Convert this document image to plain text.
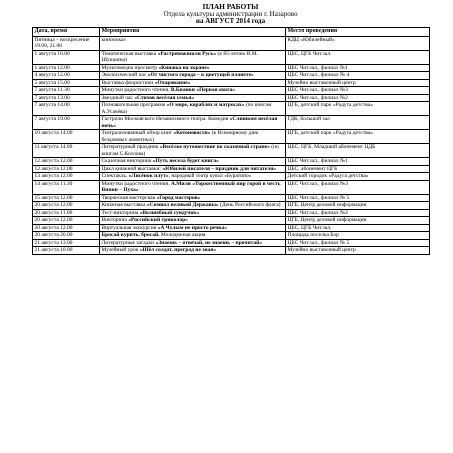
ПЛАН РАБОТЫ
Отдела культуры администрации г. Назарово
на АВГУСТ 2014 года
Дата, время	Мероприятия	Место проведения
Пятница – воскресение 19.00, 21.00	кинопоказ	КДЦ «Юбилейный»
1 августа 10.00	Тематическая выставка «Растревожишли Русь» (к 85-летию В.М. Шукшина)	ЦБС, ЦГБ Чит.зал.
1 августа 12.00	Мультимедиа просмотр «Книжка на экране»	ЦБС Чит.зал., филиал №1
4 августа 12.00	Экологический час «От чистого города – к цветущей планете»	ЦБС Чит.зал., филиал № 4
5 августа 15.00	Выставка флористики «Очарование»	Музейно выставочный центр
7 августа 11.30	Минутки радостного чтения. В.Бианки «Первая охота»	ЦБС Чит.зал., филиал №3
7 августа 13.00	Звездный час «Стихов весёлая семья»	ЦБС Чит.зал., филиал №2
7 августа 14.00	Познавательная программа «О море, кораблях и матросах» (по книгам А.Усачёва)	ЦГБ, детский парк «Радуга детства»
7 августа 19.00	Гастроли Московского Независимого театра. Комедия «Слишком весёлая ночь»	ГДК, большой зал
10 августа 14.00	Театрализованный обзор книг «Котоновости» (к Всемирному дню бездомных животных)	ЦГБ, детский парк «Радуга детства»
11 августа 14.00	Литературный праздник «Весёлое путешествие по сказочной стране» (по книгам С.Козлова)	ЦБС, ЦГБ, Младший абонемент ЦДБ
12 августа 12.00	Сказочная викторина «Путь весела будет книга»	ЦБС Чит.зал., филиал №1
12 августа 12.00	Цикл книжной выставки: «Юбилей писателя – праздник для читателя»	ЦБС, абонемент ЦГБ
13 августа 12.00	Спектакль. «Лисёнок плут», народный театр кукол «Буратино»	Детский городок «Радуга детства»
14 августа 11.30	Минутки радостного чтения. А.Милн «Торжественный пир горой в честь Винни – Пуха»	ЦБС Чит.зал., филиал №3
15 августа 12.00	Творческая мастерская «Город мастеров»	ЦБС Чит.зал., филиал № 5
20 августа 12.00	Книжная выставка «Символ великой Державы» (День Российского флага)	ЦГБ, Центр деловой информации
20 августа 11.00	Тест-викторина «Волшебный сундучок»	ЦБС Чит.зал., филиал №2
20 августа 12.00	Викторина «Российский триколор»	ЦГБ, Центр деловой информации
20 августа 12.00	Виртуальная экскурсия «А Чулым не просто речка»	ЦБС, ЦГБ Чит.зал.
20 августа 20.00	Бросай курить, бросай. Молодежная акция	Площадь поселка Бор
21 августа 13.00	Литературные загадки «Знаешь – отвечай, не знаешь – прочитай»	ЦБС Чит.зал., филиал № 5
21 августа 10.00	Музейный урок «Шёл солдат, преград не зная»	Музейно выставочный центр
